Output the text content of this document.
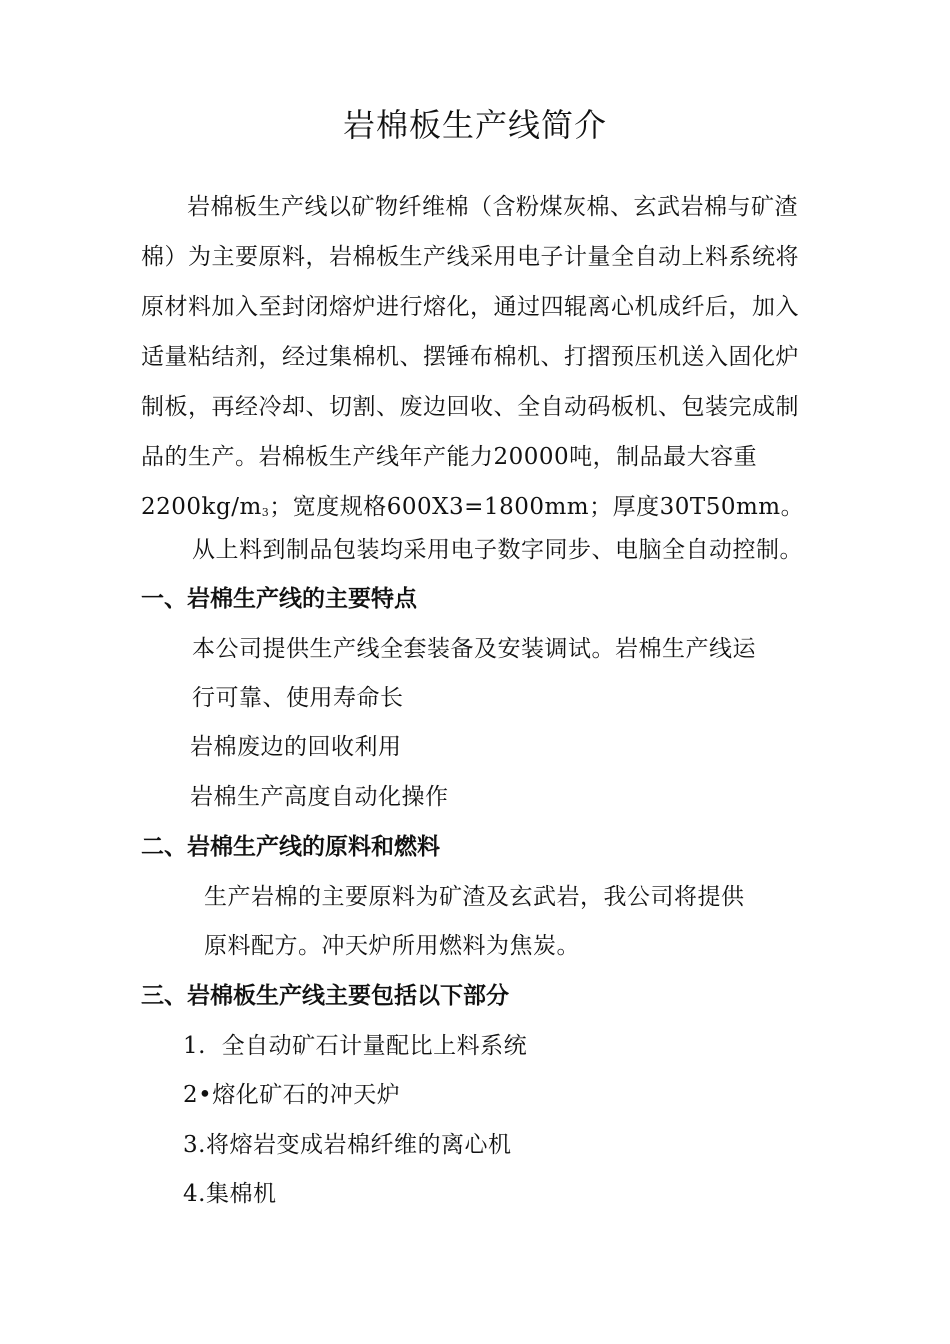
岩棉板生产线简介

岩棉板生产线以矿物纤维棉（含粉煤灰棉、玄武岩棉与矿渣棉）为主要原料，岩棉板生产线采用电子计量全自动上料系统将原材料加入至封闭熔炉进行熔化，通过四辊离心机成纤后，加入适量粘结剂，经过集棉机、摆锤布棉机、打摺预压机送入固化炉制板，再经冷却、切割、废边回收、全自动码板机、包装完成制品的生产。岩棉板生产线年产能力20000吨，制品最大容重
2200kg/m3；宽度规格600X3=1800mm；厚度30T50mm。

从上料到制品包装均采用电子数字同步、电脑全自动控制。

一、岩棉生产线的主要特点

本公司提供生产线全套装备及安装调试。岩棉生产线运

行可靠、使用寿命长

岩棉废边的回收利用

岩棉生产高度自动化操作

二、岩棉生产线的原料和燃料

生产岩棉的主要原料为矿渣及玄武岩，我公司将提供

原料配方。冲天炉所用燃料为焦炭。

三、岩棉板生产线主要包括以下部分

1.  全自动矿石计量配比上料系统

2•熔化矿石的冲天炉

3.将熔岩变成岩棉纤维的离心机

4.集棉机
